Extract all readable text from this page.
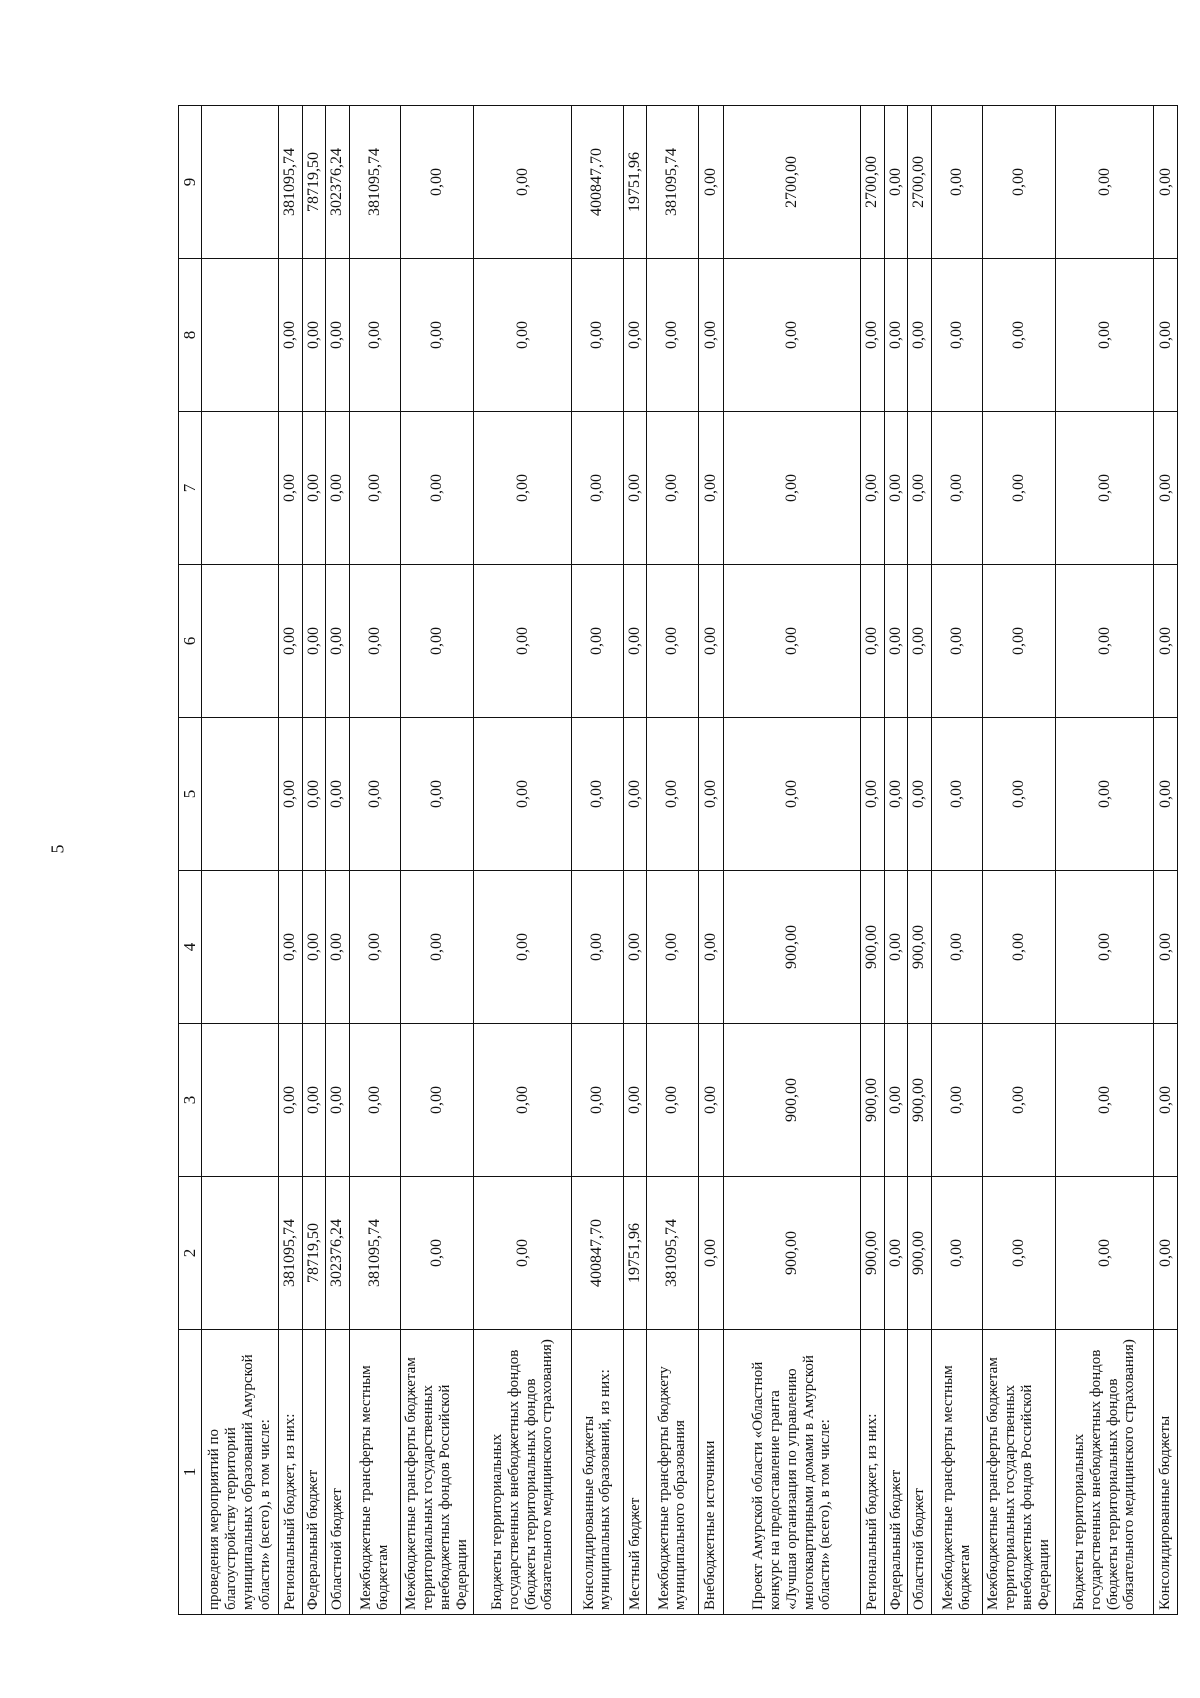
5
1	2	3	4	5	6	7	8	9
проведения мероприятий по благоустройству территорий муниципальных образований Амурской области» (всего), в том числе:								
Региональный бюджет, из них:	381095,74	0,00	0,00	0,00	0,00	0,00	0,00	381095,74
Федеральный бюджет	78719,50	0,00	0,00	0,00	0,00	0,00	0,00	78719,50
Областной бюджет	302376,24	0,00	0,00	0,00	0,00	0,00	0,00	302376,24
Межбюджетные трансферты местным бюджетам	381095,74	0,00	0,00	0,00	0,00	0,00	0,00	381095,74
Межбюджетные трансферты бюджетам территориальных государственных внебюджетных фондов Российской Федерации	0,00	0,00	0,00	0,00	0,00	0,00	0,00	0,00
Бюджеты территориальных государственных внебюджетных фондов (бюджеты территориальных фондов обязательного медицинского страхования)	0,00	0,00	0,00	0,00	0,00	0,00	0,00	0,00
Консолидированные бюджеты муниципальных образований, из них:	400847,70	0,00	0,00	0,00	0,00	0,00	0,00	400847,70
Местный бюджет	19751,96	0,00	0,00	0,00	0,00	0,00	0,00	19751,96
Межбюджетные трансферты бюджету муниципального образования	381095,74	0,00	0,00	0,00	0,00	0,00	0,00	381095,74
Внебюджетные источники	0,00	0,00	0,00	0,00	0,00	0,00	0,00	0,00
Проект Амурской области «Областной конкурс на предоставление гранта «Лучшая организация по управлению многоквартирными домами в Амурской области» (всего), в том числе:	900,00	900,00	900,00	0,00	0,00	0,00	0,00	2700,00
Региональный бюджет, из них:	900,00	900,00	900,00	0,00	0,00	0,00	0,00	2700,00
Федеральный бюджет	0,00	0,00	0,00	0,00	0,00	0,00	0,00	0,00
Областной бюджет	900,00	900,00	900,00	0,00	0,00	0,00	0,00	2700,00
Межбюджетные трансферты местным бюджетам	0,00	0,00	0,00	0,00	0,00	0,00	0,00	0,00
Межбюджетные трансферты бюджетам территориальных государственных внебюджетных фондов Российской Федерации	0,00	0,00	0,00	0,00	0,00	0,00	0,00	0,00
Бюджеты территориальных государственных внебюджетных фондов (бюджеты территориальных фондов обязательного медицинского страхования)	0,00	0,00	0,00	0,00	0,00	0,00	0,00	0,00
Консолидированные бюджеты	0,00	0,00	0,00	0,00	0,00	0,00	0,00	0,00
